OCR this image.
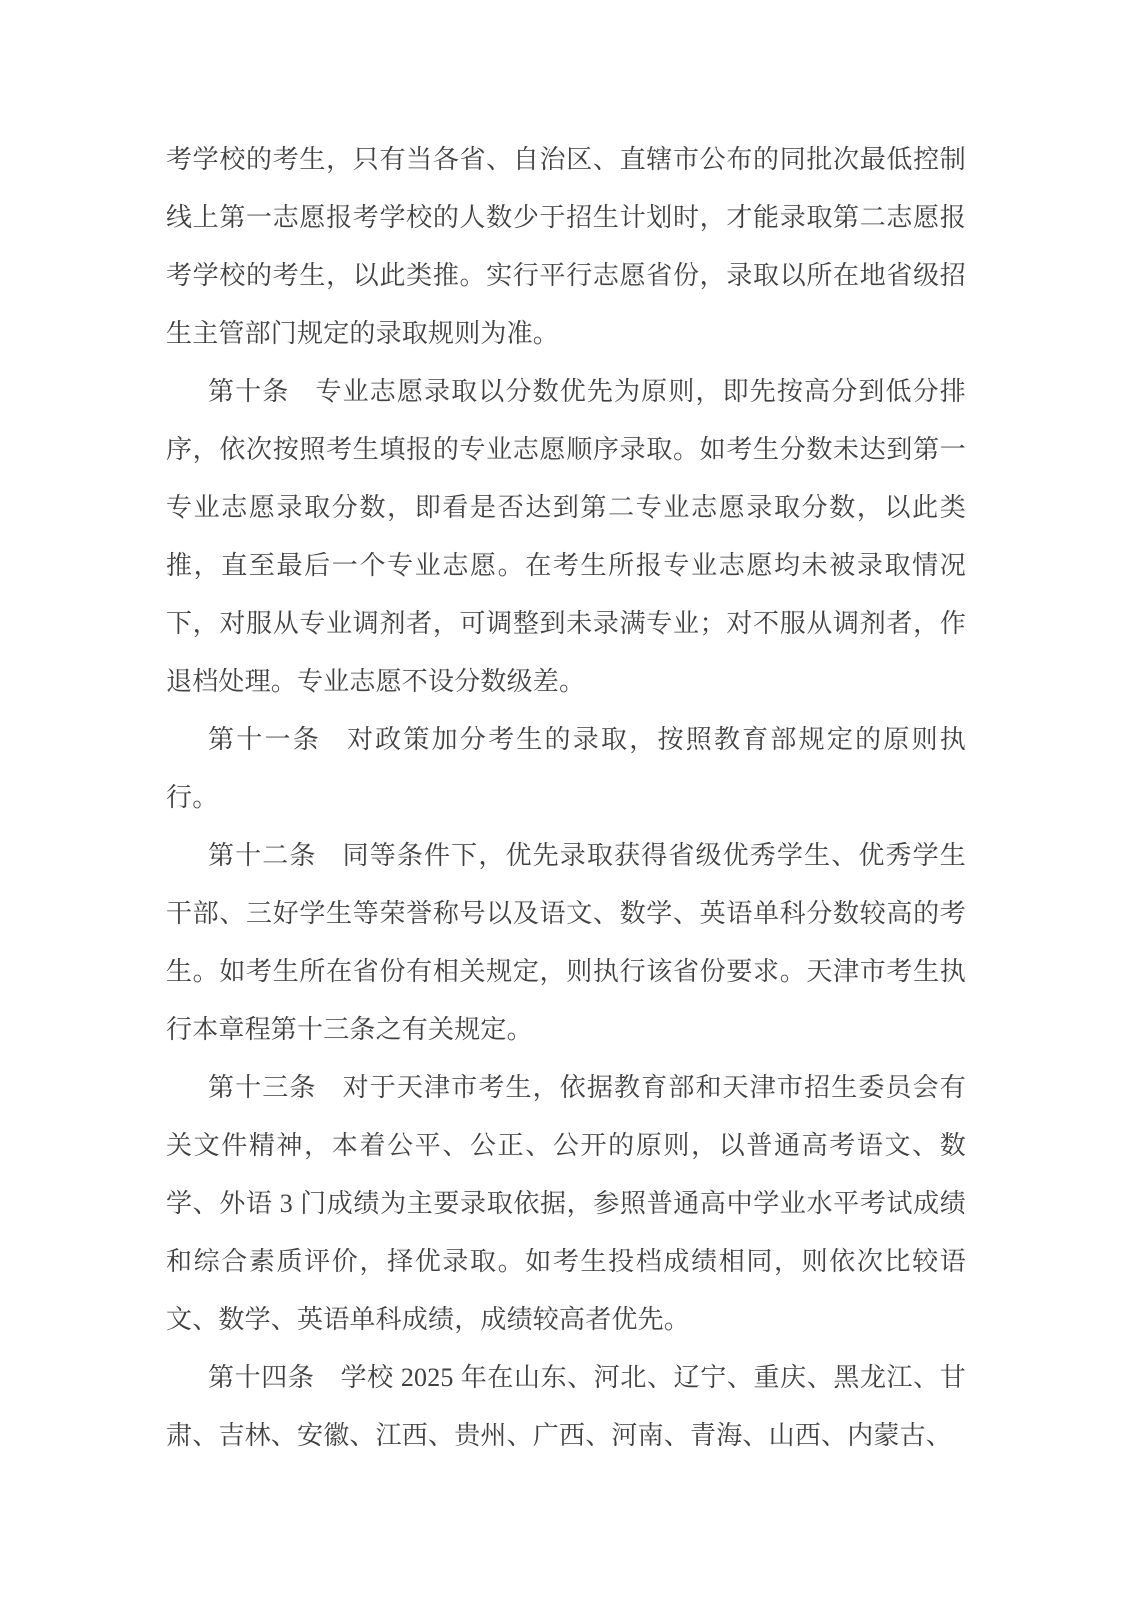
考学校的考生，只有当各省、自治区、直辖市公布的同批次最低控制线上第一志愿报考学校的人数少于招生计划时，才能录取第二志愿报考学校的考生，以此类推。实行平行志愿省份，录取以所在地省级招生主管部门规定的录取规则为准。

第十条 专业志愿录取以分数优先为原则，即先按高分到低分排序，依次按照考生填报的专业志愿顺序录取。如考生分数未达到第一专业志愿录取分数，即看是否达到第二专业志愿录取分数，以此类推，直至最后一个专业志愿。在考生所报专业志愿均未被录取情况下，对服从专业调剂者，可调整到未录满专业；对不服从调剂者，作退档处理。专业志愿不设分数级差。

第十一条 对政策加分考生的录取，按照教育部规定的原则执行。

第十二条 同等条件下，优先录取获得省级优秀学生、优秀学生干部、三好学生等荣誉称号以及语文、数学、英语单科分数较高的考生。如考生所在省份有相关规定，则执行该省份要求。天津市考生执行本章程第十三条之有关规定。

第十三条 对于天津市考生，依据教育部和天津市招生委员会有关文件精神，本着公平、公正、公开的原则，以普通高考语文、数学、外语 3 门成绩为主要录取依据，参照普通高中学业水平考试成绩和综合素质评价，择优录取。如考生投档成绩相同，则依次比较语文、数学、英语单科成绩，成绩较高者优先。

第十四条 学校 2025 年在山东、河北、辽宁、重庆、黑龙江、甘肃、吉林、安徽、江西、贵州、广西、河南、青海、山西、内蒙古、
